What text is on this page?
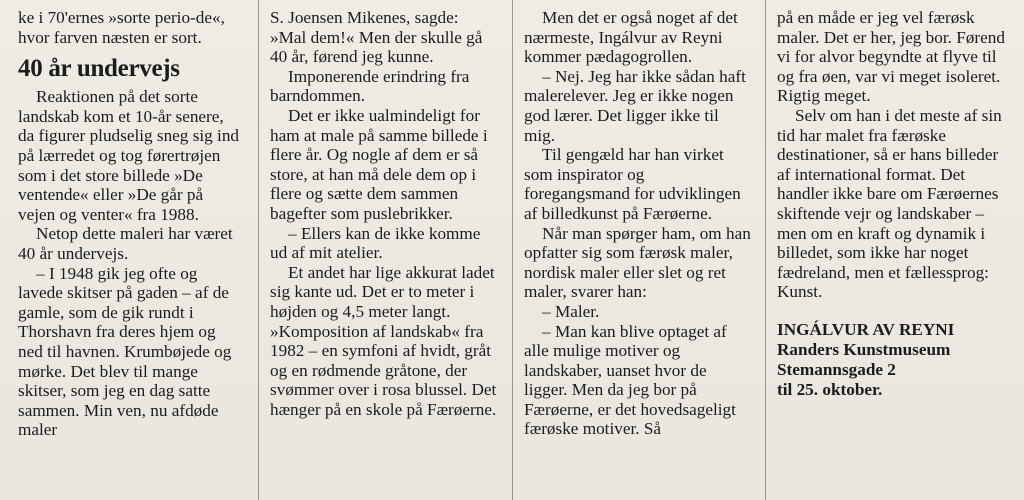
ke i 70'ernes »sorte perio-de«, hvor farven næsten er sort.

40 år undervejs

Reaktionen på det sorte landskab kom et 10-år senere, da figurer pludselig sneg sig ind på lærredet og tog førertrøjen som i det store billede »De ventende« eller »De går på vejen og venter« fra 1988.

Netop dette maleri har været 40 år undervejs.

– I 1948 gik jeg ofte og lavede skitser på gaden – af de gamle, som de gik rundt i Thorshavn fra deres hjem og ned til havnen. Krumbøjede og mørke. Det blev til mange skitser, som jeg en dag satte sammen. Min ven, nu afdøde maler

S. Joensen Mikenes, sagde: »Mal dem!« Men der skulle gå 40 år, førend jeg kunne.

Imponerende erindring fra barndommen.

Det er ikke ualmindeligt for ham at male på samme billede i flere år. Og nogle af dem er så store, at han må dele dem op i flere og sætte dem sammen bagefter som puslebrikker.

– Ellers kan de ikke komme ud af mit atelier.

Et andet har lige akkurat ladet sig kante ud. Det er to meter i højden og 4,5 meter langt. »Komposition af landskab« fra 1982 – en symfoni af hvidt, gråt og en rødmende gråtone, der svømmer over i rosa blussel. Det hænger på en skole på Færøerne.

Men det er også noget af det nærmeste, Ingálvur av Reyni kommer pædagogrollen.

– Nej. Jeg har ikke sådan haft malerelever. Jeg er ikke nogen god lærer. Det ligger ikke til mig.

Til gengæld har han virket som inspirator og foregangsmand for udviklingen af billedkunst på Færøerne.

Når man spørger ham, om han opfatter sig som færøsk maler, nordisk maler eller slet og ret maler, svarer han:

– Maler.

– Man kan blive optaget af alle mulige motiver og landskaber, uanset hvor de ligger. Men da jeg bor på Færøerne, er det hovedsageligt færøske motiver. Så

på en måde er jeg vel færøsk maler. Det er her, jeg bor. Førend vi for alvor begyndte at flyve til og fra øen, var vi meget isoleret. Rigtig meget.

Selv om han i det meste af sin tid har malet fra færøske destinationer, så er hans billeder af international format. Det handler ikke bare om Færøernes skiftende vejr og landskaber – men om en kraft og dynamik i billedet, som ikke har noget fædreland, men et fællessprog: Kunst.

INGÁLVUR AV REYNI
Randers Kunstmuseum
Stemannsgade 2
til 25. oktober.
